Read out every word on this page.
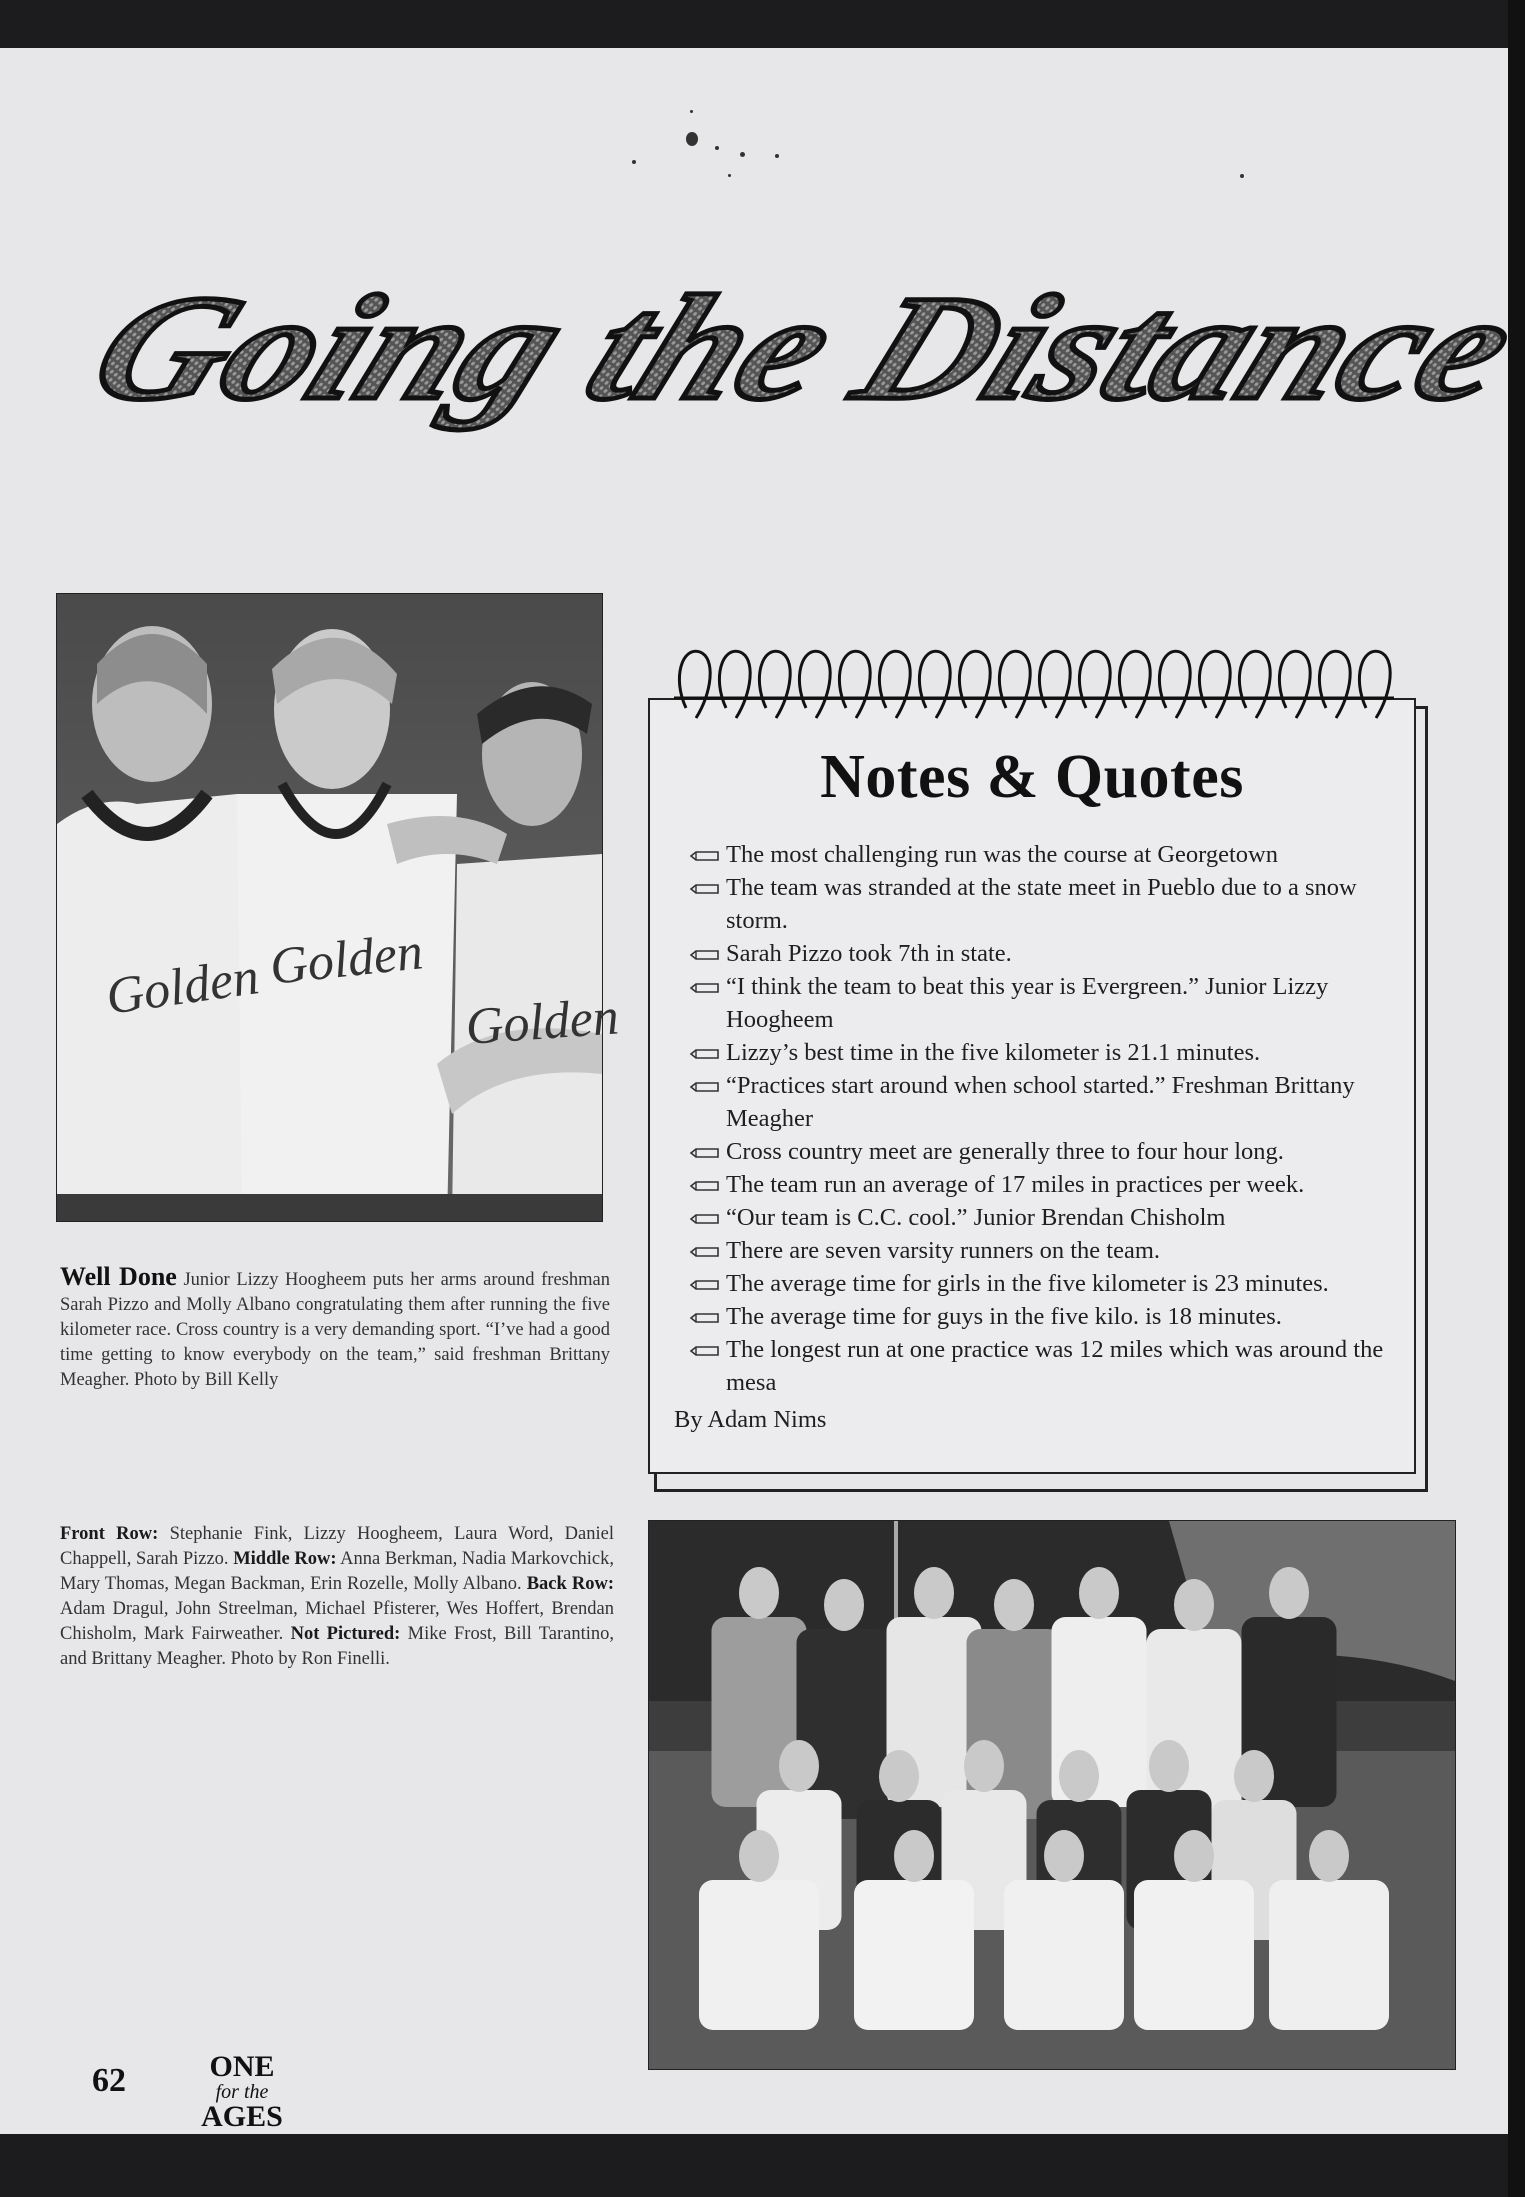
Going the Distance
Golden Golden
Golden
Well Done Junior Lizzy Hoogheem puts her arms around freshman Sarah Pizzo and Molly Albano congratulating them after running the five kilometer race. Cross country is a very demanding sport. “I’ve had a good time getting to know everybody on the team,” said freshman Brittany Meagher. Photo by Bill Kelly
Front Row: Stephanie Fink, Lizzy Hoogheem, Laura Word, Daniel Chappell, Sarah Pizzo. Middle Row: Anna Berkman, Nadia Markovchick, Mary Thomas, Megan Backman, Erin Rozelle, Molly Albano. Back Row: Adam Dragul, John Streelman, Michael Pfisterer, Wes Hoffert, Brendan Chisholm, Mark Fairweather. Not Pictured: Mike Frost, Bill Tarantino, and Brittany Meagher. Photo by Ron Finelli.
Notes & Quotes
The most challenging run was the course at Georgetown
The team was stranded at the state meet in Pueblo due to a snow storm.
Sarah Pizzo took 7th in state.
“I think the team to beat this year is Evergreen.” Junior Lizzy Hoogheem
Lizzy’s best time in the five kilometer is 21.1 minutes.
“Practices start around when school started.” Freshman Brittany Meagher
Cross country meet are generally three to four hour long.
The team run an average of 17 miles in practices per week.
“Our team is C.C. cool.” Junior Brendan Chisholm
There are seven varsity runners on the team.
The average time for girls in the five kilometer is 23 minutes.
The average time for guys in the five kilo. is 18 minutes.
The longest run at one practice was 12 miles which was around the mesa
By Adam Nims
62	ONE
for the
AGES
